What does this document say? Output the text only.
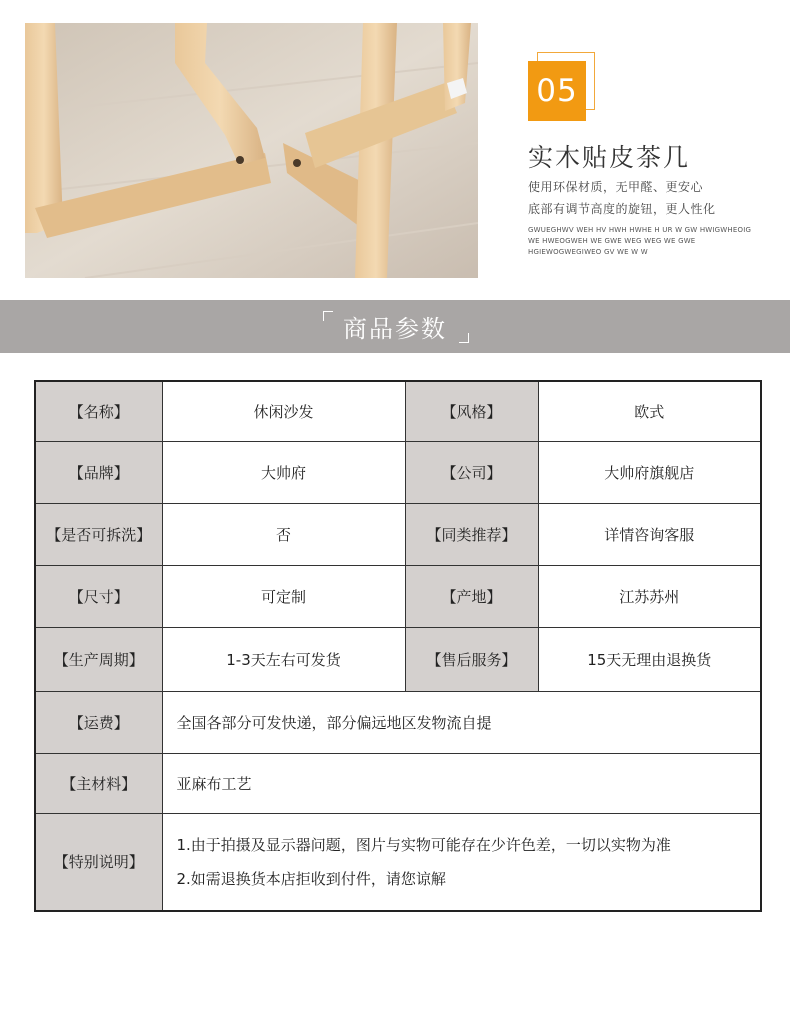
05
实木贴皮茶几
使用环保材质，无甲醛、更安心
底部有调节高度的旋钮，更人性化
GWUEGHWV WEH HV HWH HWHE H UR W GW HWIGWHEOIG WE HWEOGWEH WE GWE WEG WEG WE GWE HGIEWOGWEGIWEO GV WE W W
商品参数
【名称】	休闲沙发	【风格】	欧式
【品牌】	大帅府	【公司】	大帅府旗舰店
【是否可拆洗】	否	【同类推荐】	详情咨询客服
【尺寸】	可定制	【产地】	江苏苏州
【生产周期】	1-3天左右可发货	【售后服务】	15天无理由退换货
【运费】	全国各部分可发快递，部分偏远地区发物流自提		
【主材料】	亚麻布工艺		
【特别说明】	1.由于拍摄及显示器问题，图片与实物可能存在少许色差，一切以实物为准
2.如需退换货本店拒收到付件，请您谅解		
